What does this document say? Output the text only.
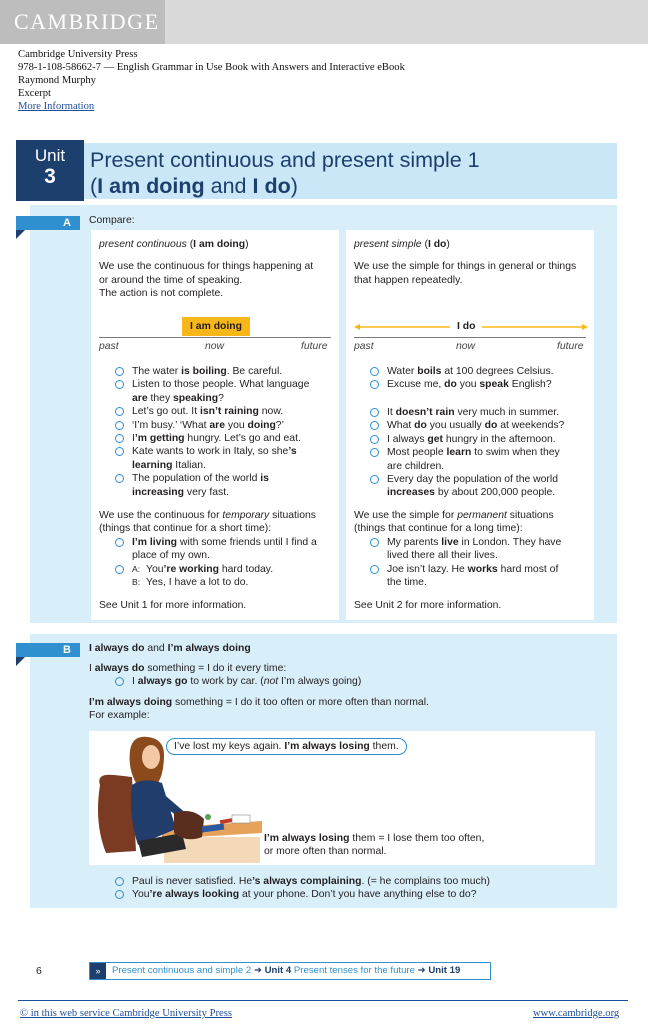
CAMBRIDGE
Cambridge University Press
978-1-108-58662-7 — English Grammar in Use Book with Answers and Interactive eBook
Raymond Murphy
Excerpt
More Information
Unit
3
Present continuous and present simple 1
(I am doing and I do)
A	Compare:
present continuous (I am doing)
We use the continuous for things happening at
or around the time of speaking.
The action is not complete.
I am doing
past	now	future
The water is boiling. Be careful.
Listen to those people. What language
are they speaking?
Let’s go out. It isn’t raining now.
‘I’m busy.’ ‘What are you doing?’
I’m getting hungry. Let’s go and eat.
Kate wants to work in Italy, so she’s
learning Italian.
The population of the world is
increasing very fast.
We use the continuous for temporary situations
(things that continue for a short time):
I’m living with some friends until I find a
place of my own.
A: You’re working hard today.
B: Yes, I have a lot to do.
See Unit 1 for more information.
present simple (I do)
We use the simple for things in general or things
that happen repeatedly.
I do
past	now	future
Water boils at 100 degrees Celsius.
Excuse me, do you speak English?
It doesn’t rain very much in summer.
What do you usually do at weekends?
I always get hungry in the afternoon.
Most people learn to swim when they
are children.
Every day the population of the world
increases by about 200,000 people.
We use the simple for permanent situations
(things that continue for a long time):
My parents live in London. They have
lived there all their lives.
Joe isn’t lazy. He works hard most of
the time.
See Unit 2 for more information.
B	I always do and I’m always doing
I always do something = I do it every time:
I always go to work by car. (not I’m always going)
I’m always doing something = I do it too often or more often than normal.
For example:
I’ve lost my keys again. I’m always losing them.
I’m always losing them = I lose them too often,
or more often than normal.
Paul is never satisfied. He’s always complaining. (= he complains too much)
You’re always looking at your phone. Don’t you have anything else to do?
6	»	Present continuous and simple 2 ➜ Unit 4 Present tenses for the future ➜ Unit 19
© in this web service Cambridge University Press	www.cambridge.org
